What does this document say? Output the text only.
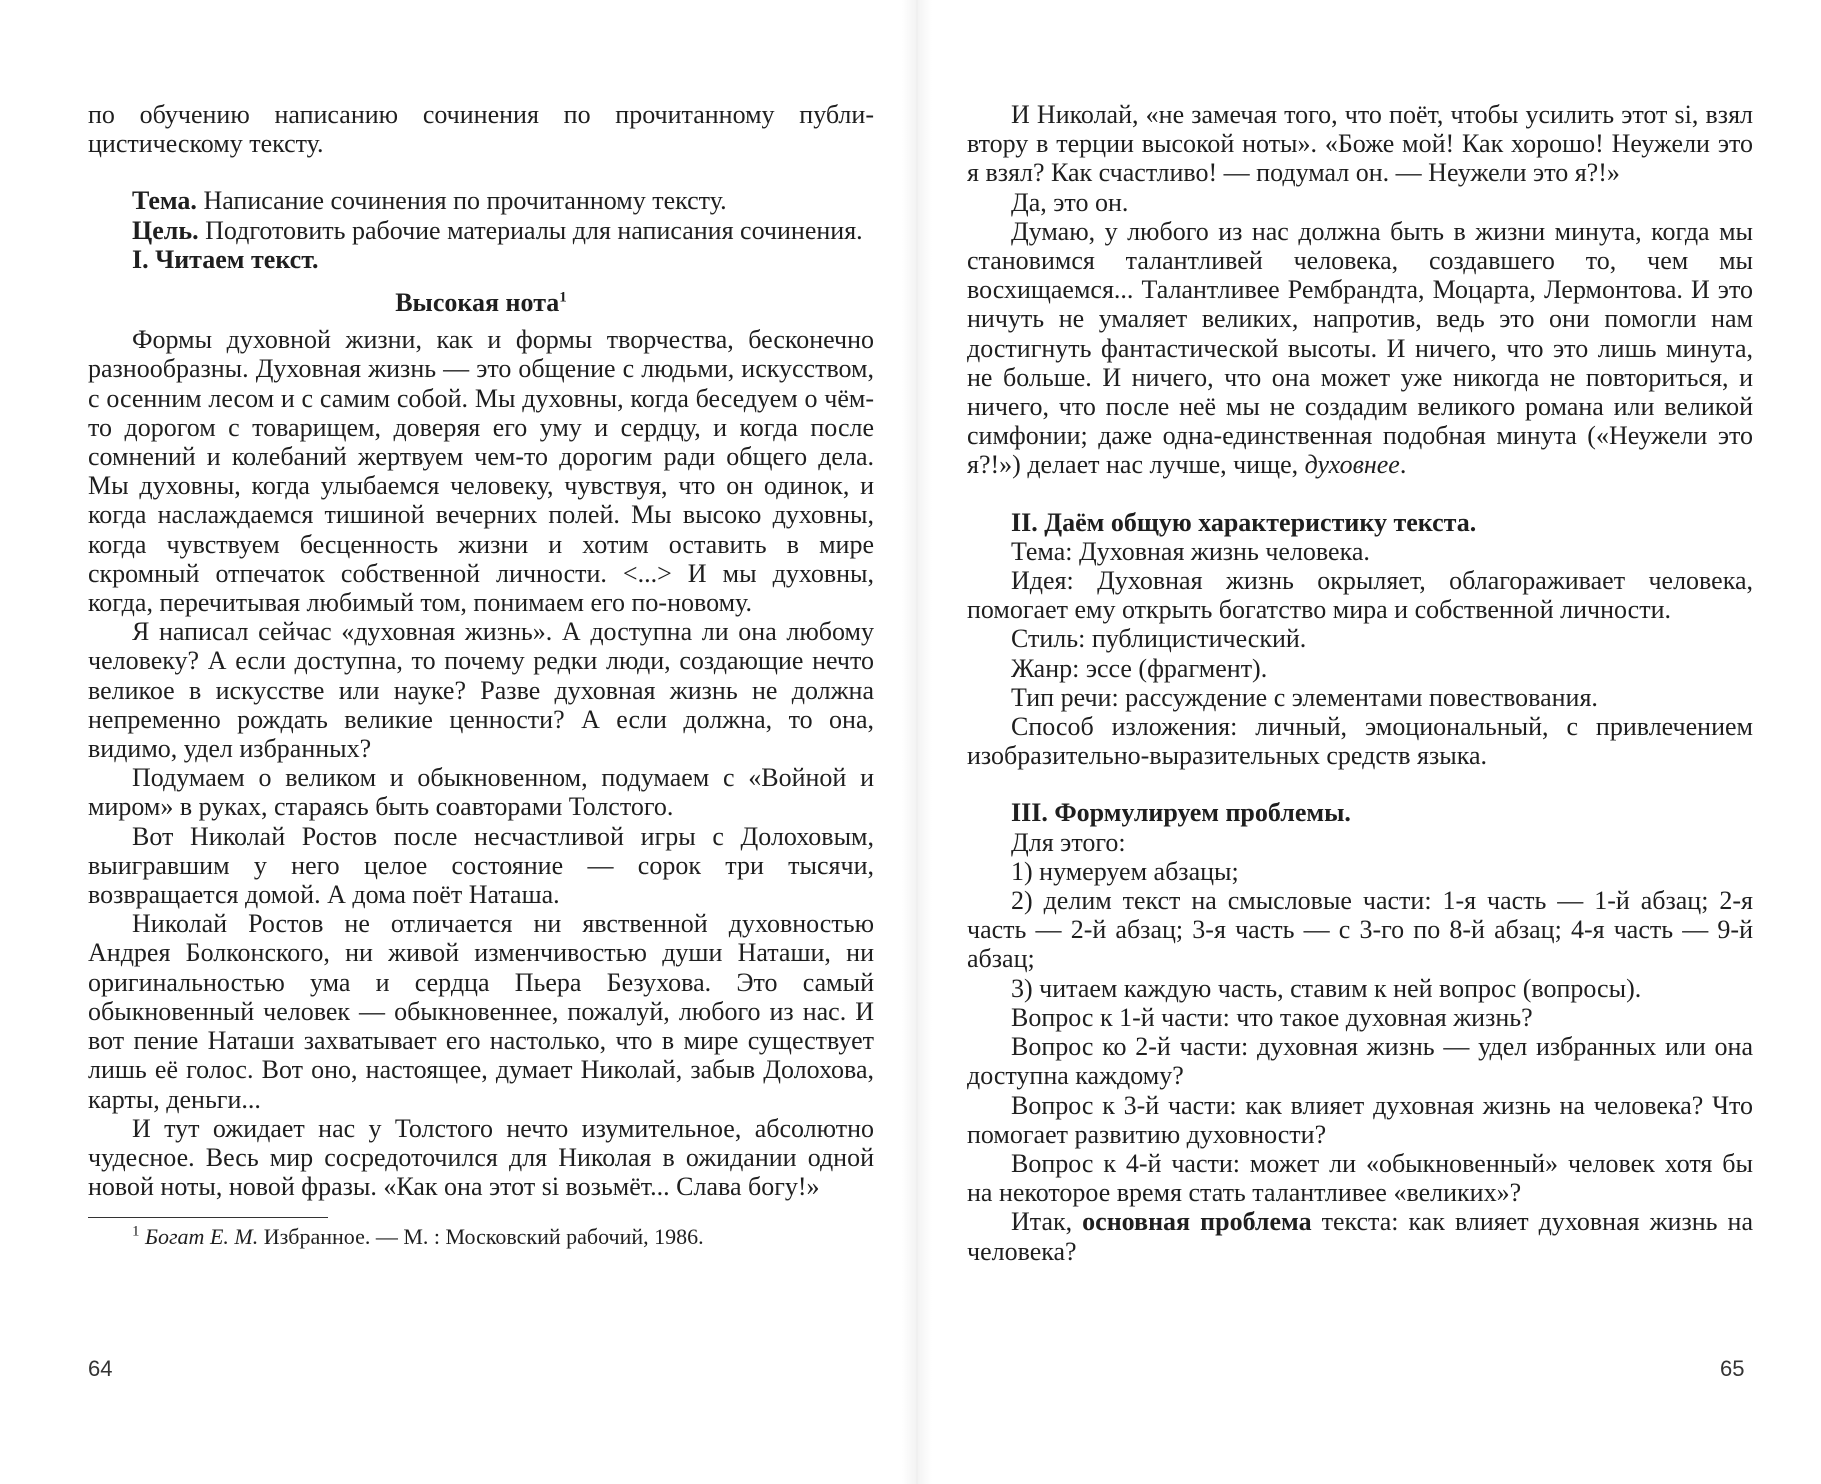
по обучению написанию сочинения по прочитанному публицистическому тексту.

Тема. Написание сочинения по прочитанному тексту.

Цель. Подготовить рабочие материалы для написания сочинения.

I. Читаем текст.

Высокая нота$^1$

Формы духовной жизни, как и формы творчества, бесконечно разнообразны. Духовная жизнь — это общение с людьми, искусством, с осенним лесом и с самим собой. Мы духовны, когда беседуем о чём-то дорогом с товарищем, доверяя его уму и сердцу, и когда после сомнений и колебаний жертвуем чем-то дорогим ради общего дела. Мы духовны, когда улыбаемся человеку, чувствуя, что он одинок, и когда наслаждаемся тишиной вечерних полей. Мы высоко духовны, когда чувствуем бесценность жизни и хотим оставить в мире скромный отпечаток собственной личности. <...> И мы духовны, когда, перечитывая любимый том, понимаем его по-новому.

Я написал сейчас «духовная жизнь». А доступна ли она любому человеку? А если доступна, то почему редки люди, создающие нечто великое в искусстве или науке? Разве духовная жизнь не должна непременно рождать великие ценности? А если должна, то она, видимо, удел избранных?

Подумаем о великом и обыкновенном, подумаем с «Войной и миром» в руках, стараясь быть соавторами Толстого.

Вот Николай Ростов после несчастливой игры с Долоховым, выигравшим у него целое состояние — сорок три тысячи, возвращается домой. А дома поёт Наташа.

Николай Ростов не отличается ни явственной духовностью Андрея Болконского, ни живой изменчивостью души Наташи, ни оригинальностью ума и сердца Пьера Безухова. Это самый обыкновенный человек — обыкновеннее, пожалуй, любого из нас. И вот пение Наташи захватывает его настолько, что в мире существует лишь её голос. Вот оно, настоящее, думает Николай, забыв Долохова, карты, деньги...

И тут ожидает нас у Толстого нечто изумительное, абсолютно чудесное. Весь мир сосредоточился для Николая в ожидании одной новой ноты, новой фразы. «Как она этот si возьмёт... Слава богу!»

$^1$ Богат Е. М. Избранное. — М. : Московский рабочий, 1986.

64

И Николай, «не замечая того, что поёт, чтобы усилить этот si, взял втору в терции высокой ноты». «Боже мой! Как хорошо! Неужели это я взял? Как счастливо! — подумал он. — Неужели это я?!»

Да, это он.

Думаю, у любого из нас должна быть в жизни минута, когда мы становимся талантливей человека, создавшего то, чем мы восхищаемся... Талантливее Рембрандта, Моцарта, Лермонтова. И это ничуть не умаляет великих, напротив, ведь это они помогли нам достигнуть фантастической высоты. И ничего, что это лишь минута, не больше. И ничего, что она может уже никогда не повториться, и ничего, что после неё мы не создадим великого романа или великой симфонии; даже одна-единственная подобная минута («Неужели это я?!») делает нас лучше, чище, духовнее.

II. Даём общую характеристику текста.

Тема: Духовная жизнь человека.

Идея: Духовная жизнь окрыляет, облагораживает человека, помогает ему открыть богатство мира и собственной личности.

Стиль: публицистический.

Жанр: эссе (фрагмент).

Тип речи: рассуждение с элементами повествования.

Способ изложения: личный, эмоциональный, с привлечением изобразительно-выразительных средств языка.

III. Формулируем проблемы.

Для этого:

1) нумеруем абзацы;

2) делим текст на смысловые части: 1-я часть — 1-й абзац; 2-я часть — 2-й абзац; 3-я часть — с 3-го по 8-й абзац; 4-я часть — 9-й абзац;

3) читаем каждую часть, ставим к ней вопрос (вопросы).

Вопрос к 1-й части: что такое духовная жизнь?

Вопрос ко 2-й части: духовная жизнь — удел избранных или она доступна каждому?

Вопрос к 3-й части: как влияет духовная жизнь на человека? Что помогает развитию духовности?

Вопрос к 4-й части: может ли «обыкновенный» человек хотя бы на некоторое время стать талантливее «великих»?

Итак, основная проблема текста: как влияет духовная жизнь на человека?

65
